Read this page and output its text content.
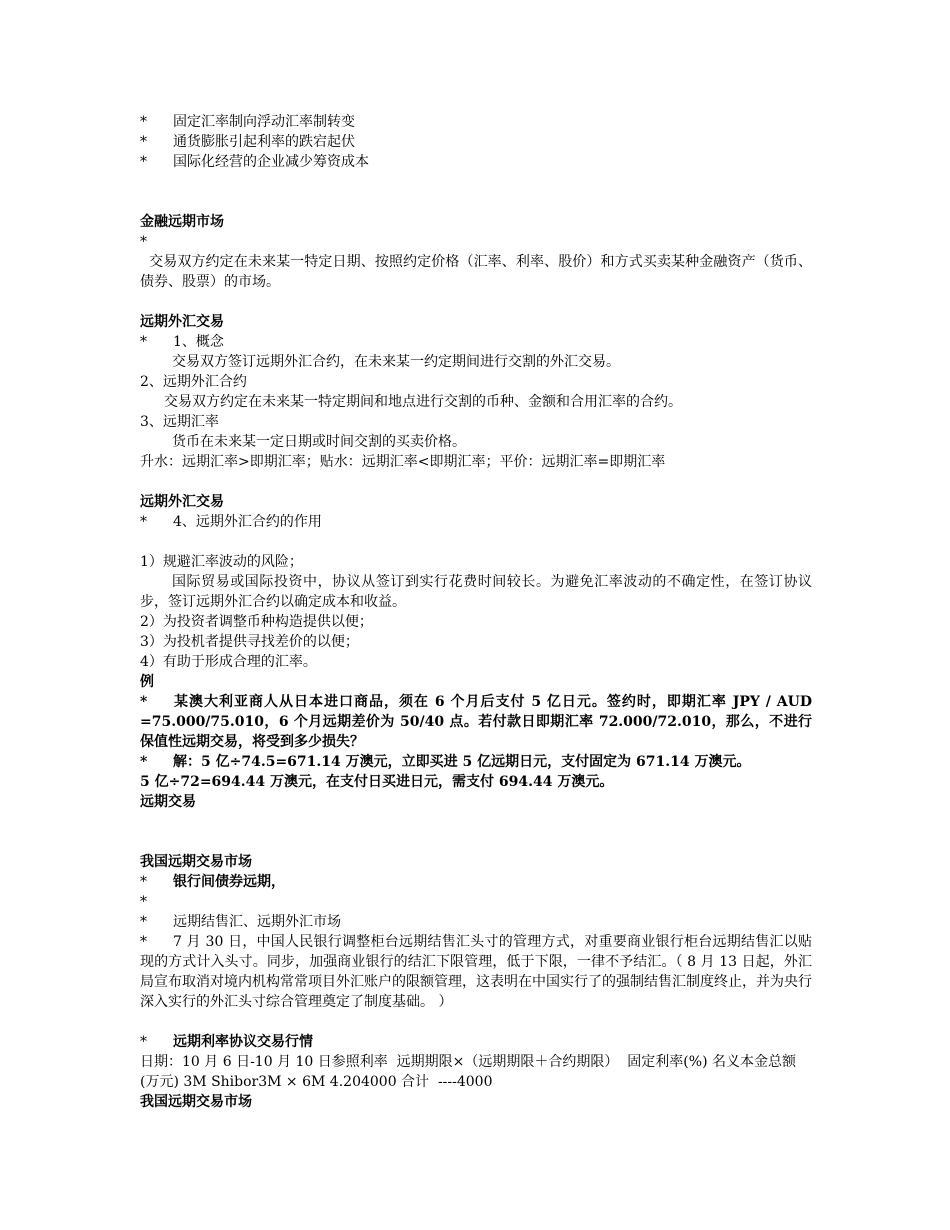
* 固定汇率制向浮动汇率制转变
* 通货膨胀引起利率的跌宕起伏
* 国际化经营的企业减少筹资成本
金融远期市场
*
交易双方约定在未来某一特定日期、按照约定价格（汇率、利率、股价）和方式买卖某种金融资产（货币、债券、股票）的市场。
远期外汇交易
* 1、概念
交易双方签订远期外汇合约，在未来某一约定期间进行交割的外汇交易。
2、远期外汇合约
交易双方约定在未来某一特定期间和地点进行交割的币种、金额和合用汇率的合约。
3、远期汇率
货币在未来某一定日期或时间交割的买卖价格。
升水：远期汇率>即期汇率；贴水：远期汇率<即期汇率；平价：远期汇率=即期汇率
远期外汇交易
* 4、远期外汇合约的作用
1）规避汇率波动的风险；
国际贸易或国际投资中，协议从签订到实行花费时间较长。为避免汇率波动的不确定性，在签订协议步，签订远期外汇合约以确定成本和收益。
2）为投资者调整币种构造提供以便；
3）为投机者提供寻找差价的以便；
4）有助于形成合理的汇率。
例
* 某澳大利亚商人从日本进口商品，须在 6 个月后支付 5 亿日元。签约时，即期汇率 JPY / AUD =75.000/75.010，6 个月远期差价为 50/40 点。若付款日即期汇率 72.000/72.010，那么，不进行保值性远期交易，将受到多少损失？
* 解：5 亿÷74.5=671.14 万澳元，立即买进 5 亿远期日元，支付固定为 671.14 万澳元。
5 亿÷72=694.44 万澳元，在支付日买进日元，需支付 694.44 万澳元。
远期交易
我国远期交易市场
* 银行间债券远期，
*
* 远期结售汇、远期外汇市场
* 7 月 30 日，中国人民银行调整柜台远期结售汇头寸的管理方式，对重要商业银行柜台远期结售汇以贴现的方式计入头寸。同步，加强商业银行的结汇下限管理，低于下限，一律不予结汇。（ 8 月 13 日起，外汇局宣布取消对境内机构常常项目外汇账户的限额管理，这表明在中国实行了的强制结售汇制度终止，并为央行深入实行的外汇头寸综合管理奠定了制度基础。 ）
* 远期利率协议交易行情
日期：10 月 6 日-10 月 10 日参照利率  远期期限×（远期期限＋合约期限）  固定利率(%) 名义本金总额(万元) 3M Shibor3M × 6M 4.204000 合计  ----4000
我国远期交易市场
